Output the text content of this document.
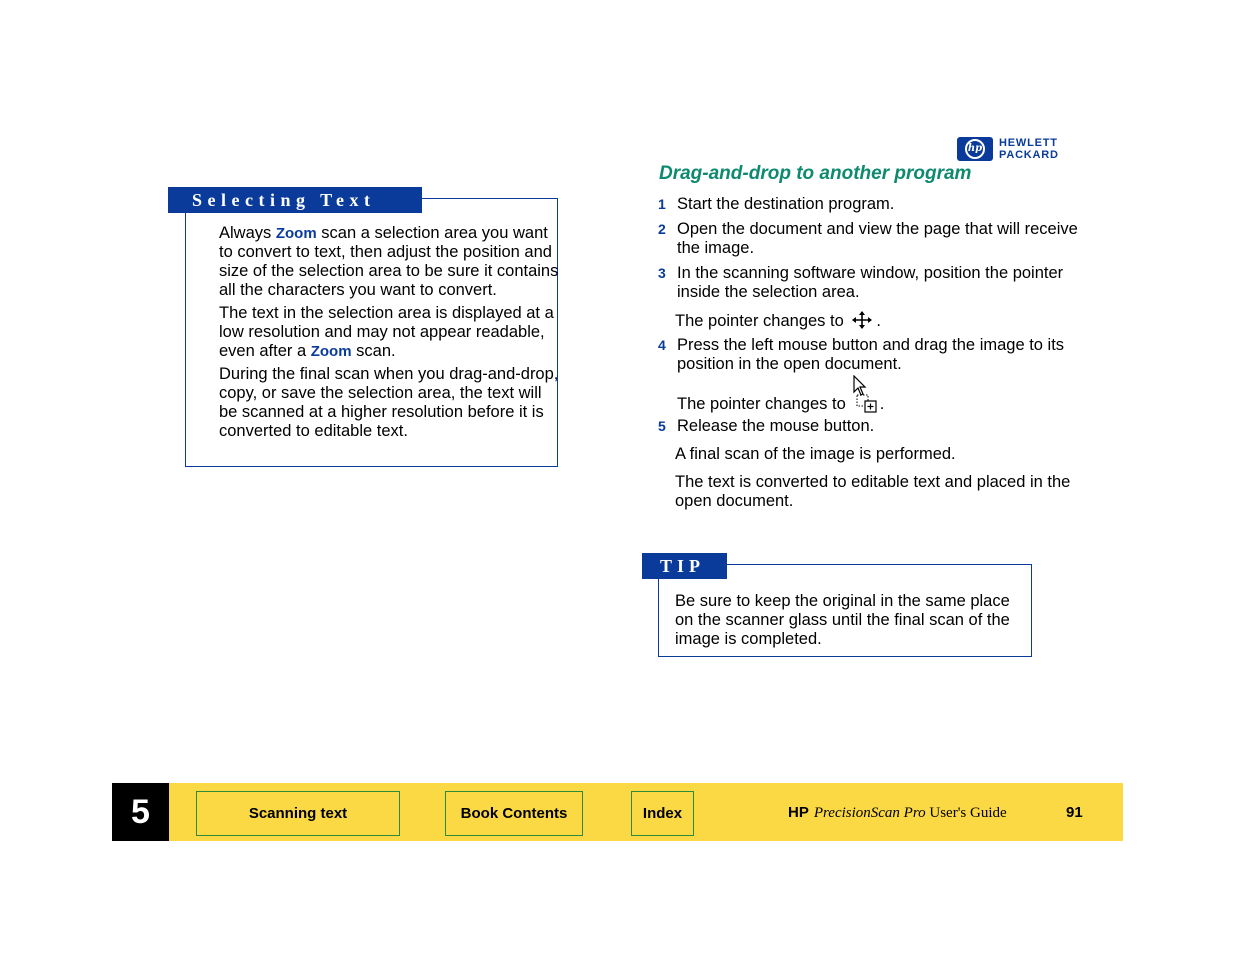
hp HEWLETT
PACKARD
Selecting Text

Always Zoom scan a selection area you want to convert to text, then adjust the position and size of the selection area to be sure it contains all the characters you want to convert.

The text in the selection area is displayed at a low resolution and may not appear readable, even after a Zoom scan.

During the final scan when you drag-and-drop, copy, or save the selection area, the text will be scanned at a higher resolution before it is converted to editable text.

Drag-and-drop to another program
1 Start the destination program.
2 Open the document and view the page that will receive the image.
3 In the scanning software window, position the pointer inside the selection area.
The pointer changes to .
4 Press the left mouse button and drag the image to its position in the open document.
The pointer changes to .
5 Release the mouse button.
A final scan of the image is performed.
The text is converted to editable text and placed in the open document.
TIP
Be sure to keep the original in the same place on the scanner glass until the final scan of the image is completed.
5	Scanning text	Book Contents	Index	HP PrecisionScan Pro User's Guide	91
